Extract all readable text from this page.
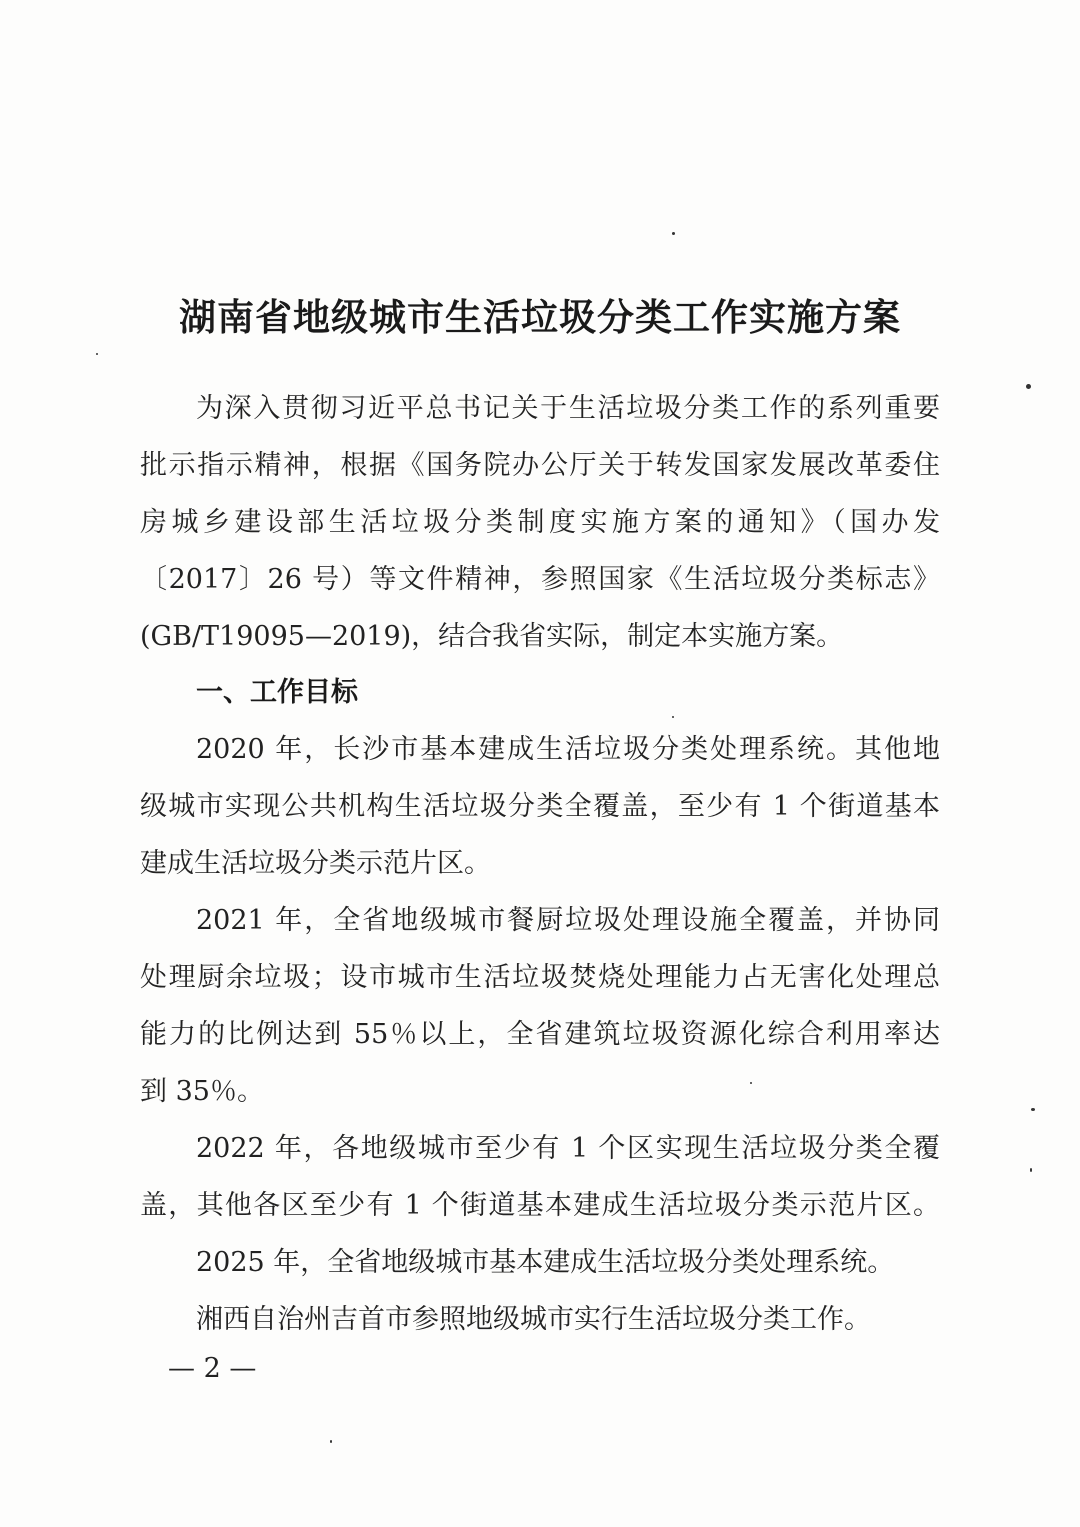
湖南省地级城市生活垃圾分类工作实施方案
为深入贯彻习近平总书记关于生活垃圾分类工作的系列重要
批示指示精神，根据《国务院办公厅关于转发国家发展改革委住
房城乡建设部生活垃圾分类制度实施方案的通知》（国办发
〔2017〕26 号）等文件精神，参照国家《生活垃圾分类标志》
(GB/T19095—2019)，结合我省实际，制定本实施方案。
一、工作目标
2020 年，长沙市基本建成生活垃圾分类处理系统。其他地
级城市实现公共机构生活垃圾分类全覆盖，至少有 1 个街道基本
建成生活垃圾分类示范片区。
2021 年，全省地级城市餐厨垃圾处理设施全覆盖，并协同
处理厨余垃圾；设市城市生活垃圾焚烧处理能力占无害化处理总
能力的比例达到 55％以上，全省建筑垃圾资源化综合利用率达
到 35％。
2022 年，各地级城市至少有 1 个区实现生活垃圾分类全覆
盖，其他各区至少有 1 个街道基本建成生活垃圾分类示范片区。
2025 年，全省地级城市基本建成生活垃圾分类处理系统。
湘西自治州吉首市参照地级城市实行生活垃圾分类工作。
— 2 —
